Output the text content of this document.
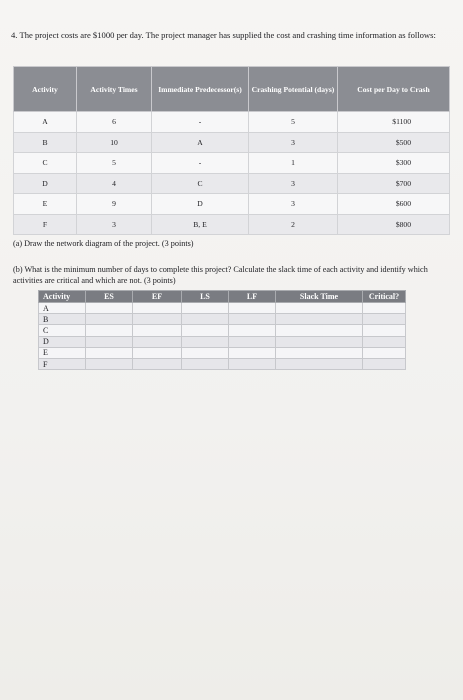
4. The project costs are $1000 per day. The project manager has supplied the cost and crashing time information as follows:
Activity	Activity Times	Immediate Predecessor(s)	Crashing Potential (days)	Cost per Day to Crash
A	6	-	5	$1100
B	10	A	3	$500
C	5	-	1	$300
D	4	C	3	$700
E	9	D	3	$600
F	3	B, E	2	$800
(a) Draw the network diagram of the project. (3 points)
(b) What is the minimum number of days to complete this project? Calculate the slack time of each activity and identify which activities are critical and which are not. (3 points)
Activity	ES	EF	LS	LF	Slack Time	Critical?
A						
B						
C						
D						
E						
F						
